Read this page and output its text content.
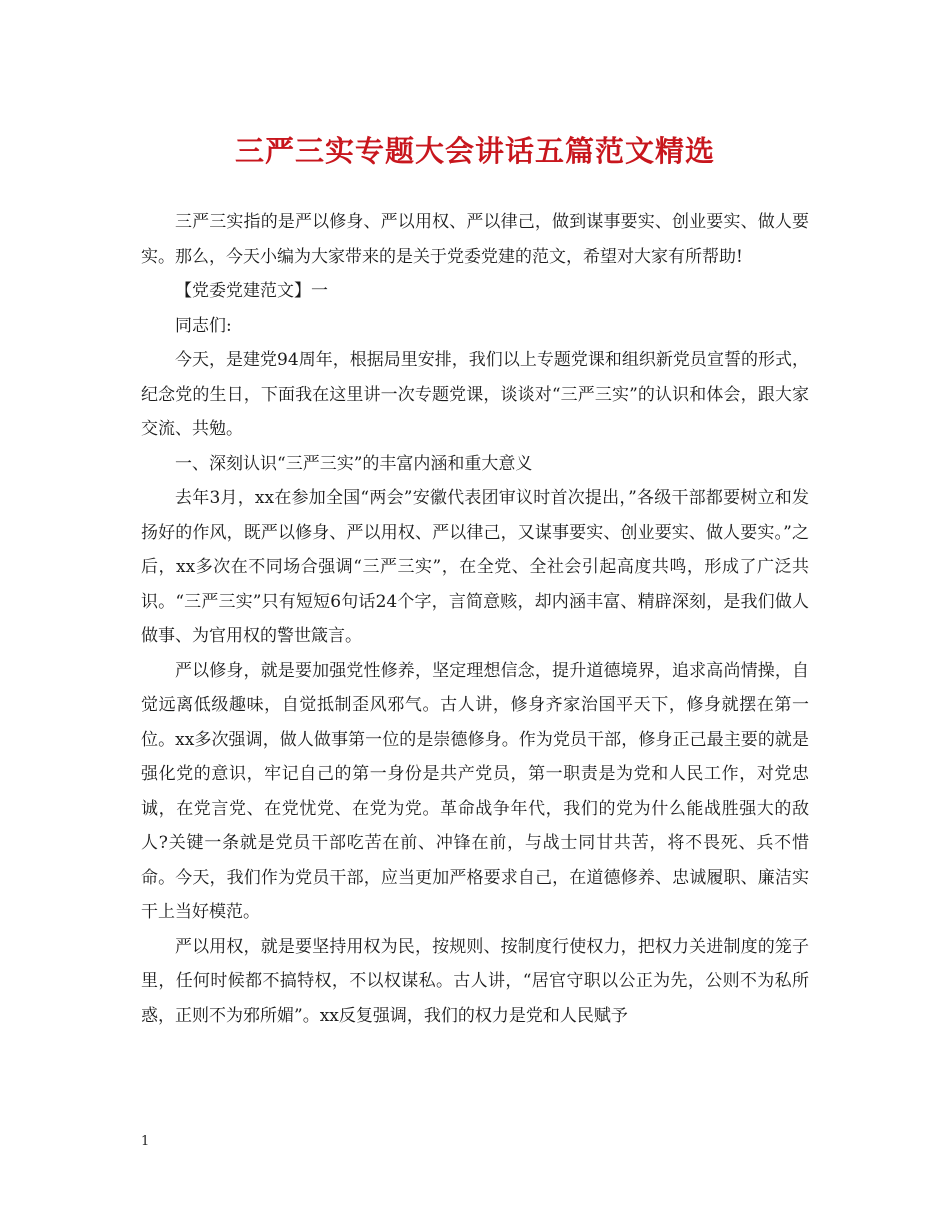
三严三实专题大会讲话五篇范文精选

三严三实指的是严以修身、严以用权、严以律己，做到谋事要实、创业要实、做人要实。那么，今天小编为大家带来的是关于党委党建的范文，希望对大家有所帮助!

【党委党建范文】一

同志们:

今天，是建党94周年，根据局里安排，我们以上专题党课和组织新党员宣誓的形式，纪念党的生日，下面我在这里讲一次专题党课，谈谈对“三严三实”的认识和体会，跟大家交流、共勉。

一、深刻认识“三严三实”的丰富内涵和重大意义

去年3月，xx在参加全国“两会”安徽代表团审议时首次提出，”各级干部都要树立和发扬好的作风，既严以修身、严以用权、严以律己，又谋事要实、创业要实、做人要实。”之后，xx多次在不同场合强调“三严三实”，在全党、全社会引起高度共鸣，形成了广泛共识。“三严三实”只有短短6句话24个字，言简意赅，却内涵丰富、精辟深刻，是我们做人做事、为官用权的警世箴言。

严以修身，就是要加强党性修养，坚定理想信念，提升道德境界，追求高尚情操，自觉远离低级趣味，自觉抵制歪风邪气。古人讲，修身齐家治国平天下，修身就摆在第一位。xx多次强调，做人做事第一位的是崇德修身。作为党员干部，修身正己最主要的就是强化党的意识，牢记自己的第一身份是共产党员，第一职责是为党和人民工作，对党忠诚，在党言党、在党忧党、在党为党。革命战争年代，我们的党为什么能战胜强大的敌人?关键一条就是党员干部吃苦在前、冲锋在前，与战士同甘共苦，将不畏死、兵不惜命。今天，我们作为党员干部，应当更加严格要求自己，在道德修养、忠诚履职、廉洁实干上当好模范。

严以用权，就是要坚持用权为民，按规则、按制度行使权力，把权力关进制度的笼子里，任何时候都不搞特权，不以权谋私。古人讲，“居官守职以公正为先，公则不为私所惑，正则不为邪所媚”。xx反复强调，我们的权力是党和人民赋予

1
